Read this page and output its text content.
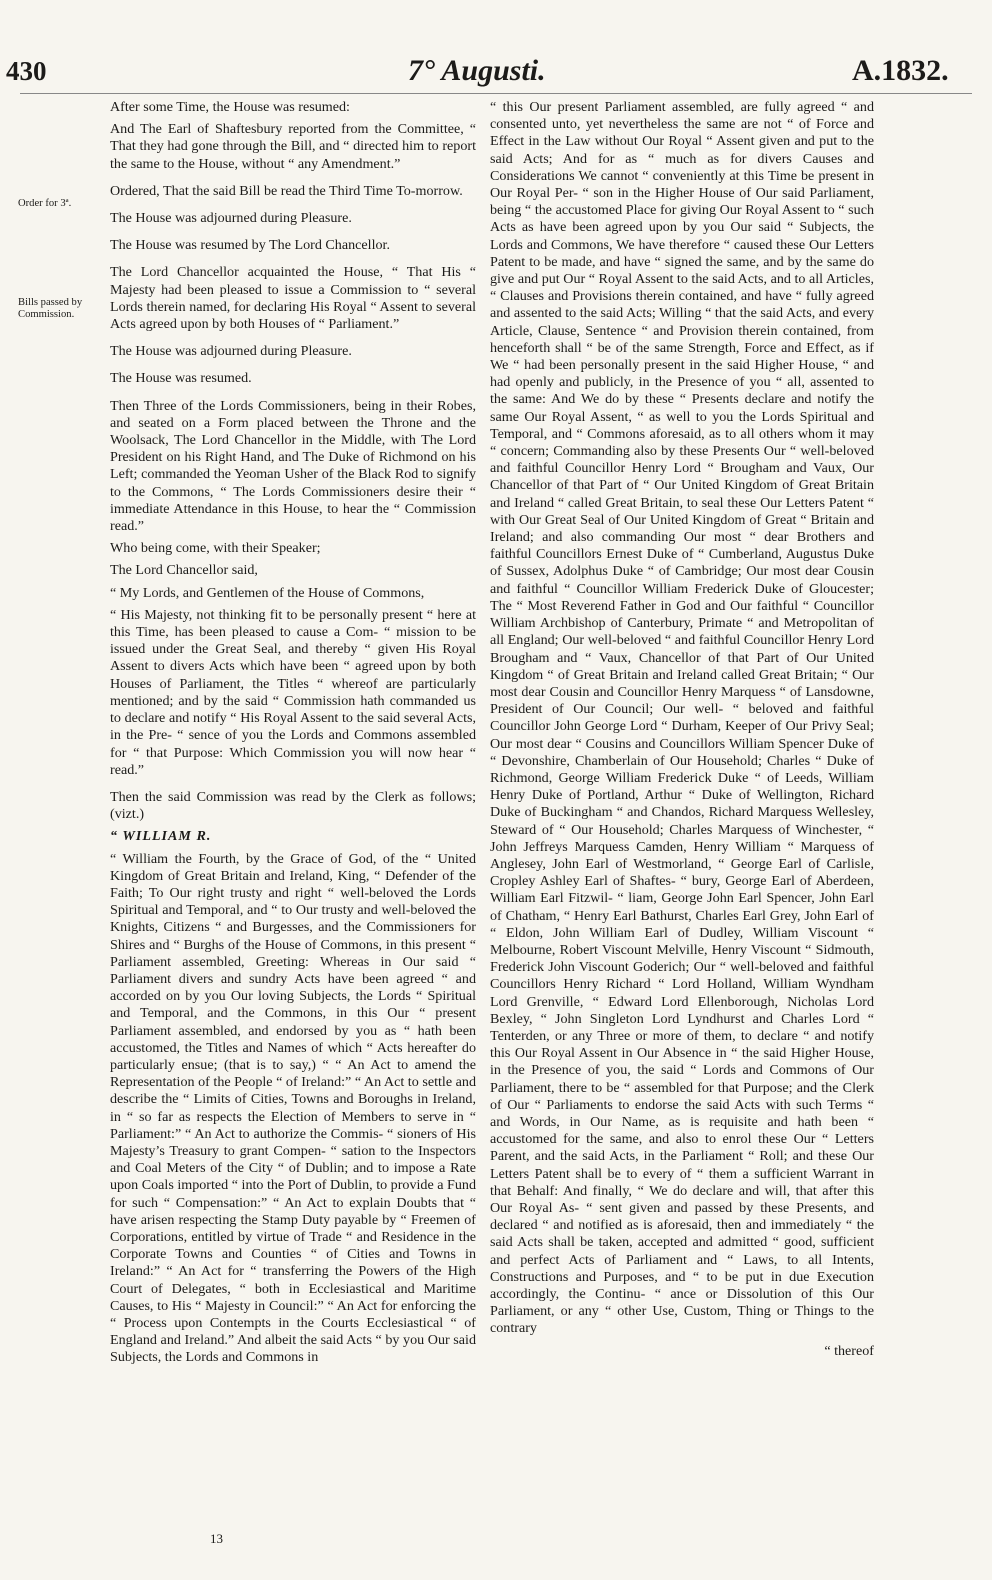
430	7° Augusti.	A.1832.
Order for 3ª.
Bills passed by Commission.

After some Time, the House was resumed:

And The Earl of Shaftesbury reported from the Committee, “ That they had gone through the Bill, and “ directed him to report the same to the House, without “ any Amendment.”

Ordered, That the said Bill be read the Third Time To-morrow.

The House was adjourned during Pleasure.

The House was resumed by The Lord Chancellor.

The Lord Chancellor acquainted the House, “ That His “ Majesty had been pleased to issue a Commission to “ several Lords therein named, for declaring His Royal “ Assent to several Acts agreed upon by both Houses of “ Parliament.”

The House was adjourned during Pleasure.

The House was resumed.

Then Three of the Lords Commissioners, being in their Robes, and seated on a Form placed between the Throne and the Woolsack, The Lord Chancellor in the Middle, with The Lord President on his Right Hand, and The Duke of Richmond on his Left; commanded the Yeoman Usher of the Black Rod to signify to the Commons, “ The Lords Commissioners desire their “ immediate Attendance in this House, to hear the “ Commission read.”

Who being come, with their Speaker;

The Lord Chancellor said,

“ My Lords, and Gentlemen of the House of Commons,

“ His Majesty, not thinking fit to be personally present “ here at this Time, has been pleased to cause a Com- “ mission to be issued under the Great Seal, and thereby “ given His Royal Assent to divers Acts which have been “ agreed upon by both Houses of Parliament, the Titles “ whereof are particularly mentioned; and by the said “ Commission hath commanded us to declare and notify “ His Royal Assent to the said several Acts, in the Pre- “ sence of you the Lords and Commons assembled for “ that Purpose: Which Commission you will now hear “ read.”

Then the said Commission was read by the Clerk as follows; (vizt.)

“ WILLIAM R.

“ William the Fourth, by the Grace of God, of the “ United Kingdom of Great Britain and Ireland, King, “ Defender of the Faith; To Our right trusty and right “ well-beloved the Lords Spiritual and Temporal, and “ to Our trusty and well-beloved the Knights, Citizens “ and Burgesses, and the Commissioners for Shires and “ Burghs of the House of Commons, in this present “ Parliament assembled, Greeting: Whereas in Our said “ Parliament divers and sundry Acts have been agreed “ and accorded on by you Our loving Subjects, the Lords “ Spiritual and Temporal, and the Commons, in this Our “ present Parliament assembled, and endorsed by you as “ hath been accustomed, the Titles and Names of which “ Acts hereafter do particularly ensue; (that is to say,) “ “ An Act to amend the Representation of the People “ of Ireland:” “ An Act to settle and describe the “ Limits of Cities, Towns and Boroughs in Ireland, in “ so far as respects the Election of Members to serve in “ Parliament:” “ An Act to authorize the Commis- “ sioners of His Majesty’s Treasury to grant Compen- “ sation to the Inspectors and Coal Meters of the City “ of Dublin; and to impose a Rate upon Coals imported “ into the Port of Dublin, to provide a Fund for such “ Compensation:” “ An Act to explain Doubts that “ have arisen respecting the Stamp Duty payable by “ Freemen of Corporations, entitled by virtue of Trade “ and Residence in the Corporate Towns and Counties “ of Cities and Towns in Ireland:” “ An Act for “ transferring the Powers of the High Court of Delegates, “ both in Ecclesiastical and Maritime Causes, to His “ Majesty in Council:” “ An Act for enforcing the “ Process upon Contempts in the Courts Ecclesiastical “ of England and Ireland.” And albeit the said Acts “ by you Our said Subjects, the Lords and Commons in

13

“ this Our present Parliament assembled, are fully agreed “ and consented unto, yet nevertheless the same are not “ of Force and Effect in the Law without Our Royal “ Assent given and put to the said Acts; And for as “ much as for divers Causes and Considerations We cannot “ conveniently at this Time be present in Our Royal Per- “ son in the Higher House of Our said Parliament, being “ the accustomed Place for giving Our Royal Assent to “ such Acts as have been agreed upon by you Our said “ Subjects, the Lords and Commons, We have therefore “ caused these Our Letters Patent to be made, and have “ signed the same, and by the same do give and put Our “ Royal Assent to the said Acts, and to all Articles, “ Clauses and Provisions therein contained, and have “ fully agreed and assented to the said Acts; Willing “ that the said Acts, and every Article, Clause, Sentence “ and Provision therein contained, from henceforth shall “ be of the same Strength, Force and Effect, as if We “ had been personally present in the said Higher House, “ and had openly and publicly, in the Presence of you “ all, assented to the same: And We do by these “ Presents declare and notify the same Our Royal Assent, “ as well to you the Lords Spiritual and Temporal, and “ Commons aforesaid, as to all others whom it may “ concern; Commanding also by these Presents Our “ well-beloved and faithful Councillor Henry Lord “ Brougham and Vaux, Our Chancellor of that Part of “ Our United Kingdom of Great Britain and Ireland “ called Great Britain, to seal these Our Letters Patent “ with Our Great Seal of Our United Kingdom of Great “ Britain and Ireland; and also commanding Our most “ dear Brothers and faithful Councillors Ernest Duke of “ Cumberland, Augustus Duke of Sussex, Adolphus Duke “ of Cambridge; Our most dear Cousin and faithful “ Councillor William Frederick Duke of Gloucester; The “ Most Reverend Father in God and Our faithful “ Councillor William Archbishop of Canterbury, Primate “ and Metropolitan of all England; Our well-beloved “ and faithful Councillor Henry Lord Brougham and “ Vaux, Chancellor of that Part of Our United Kingdom “ of Great Britain and Ireland called Great Britain; “ Our most dear Cousin and Councillor Henry Marquess “ of Lansdowne, President of Our Council; Our well- “ beloved and faithful Councillor John George Lord “ Durham, Keeper of Our Privy Seal; Our most dear “ Cousins and Councillors William Spencer Duke of “ Devonshire, Chamberlain of Our Household; Charles “ Duke of Richmond, George William Frederick Duke “ of Leeds, William Henry Duke of Portland, Arthur “ Duke of Wellington, Richard Duke of Buckingham “ and Chandos, Richard Marquess Wellesley, Steward of “ Our Household; Charles Marquess of Winchester, “ John Jeffreys Marquess Camden, Henry William “ Marquess of Anglesey, John Earl of Westmorland, “ George Earl of Carlisle, Cropley Ashley Earl of Shaftes- “ bury, George Earl of Aberdeen, William Earl Fitzwil- “ liam, George John Earl Spencer, John Earl of Chatham, “ Henry Earl Bathurst, Charles Earl Grey, John Earl of “ Eldon, John William Earl of Dudley, William Viscount “ Melbourne, Robert Viscount Melville, Henry Viscount “ Sidmouth, Frederick John Viscount Goderich; Our “ well-beloved and faithful Councillors Henry Richard “ Lord Holland, William Wyndham Lord Grenville, “ Edward Lord Ellenborough, Nicholas Lord Bexley, “ John Singleton Lord Lyndhurst and Charles Lord “ Tenterden, or any Three or more of them, to declare “ and notify this Our Royal Assent in Our Absence in “ the said Higher House, in the Presence of you, the said “ Lords and Commons of Our Parliament, there to be “ assembled for that Purpose; and the Clerk of Our “ Parliaments to endorse the said Acts with such Terms “ and Words, in Our Name, as is requisite and hath been “ accustomed for the same, and also to enrol these Our “ Letters Parent, and the said Acts, in the Parliament “ Roll; and these Our Letters Patent shall be to every of “ them a sufficient Warrant in that Behalf: And finally, “ We do declare and will, that after this Our Royal As- “ sent given and passed by these Presents, and declared “ and notified as is aforesaid, then and immediately “ the said Acts shall be taken, accepted and admitted “ good, sufficient and perfect Acts of Parliament and “ Laws, to all Intents, Constructions and Purposes, and “ to be put in due Execution accordingly, the Continu- “ ance or Dissolution of this Our Parliament, or any “ other Use, Custom, Thing or Things to the contrary

“ thereof
